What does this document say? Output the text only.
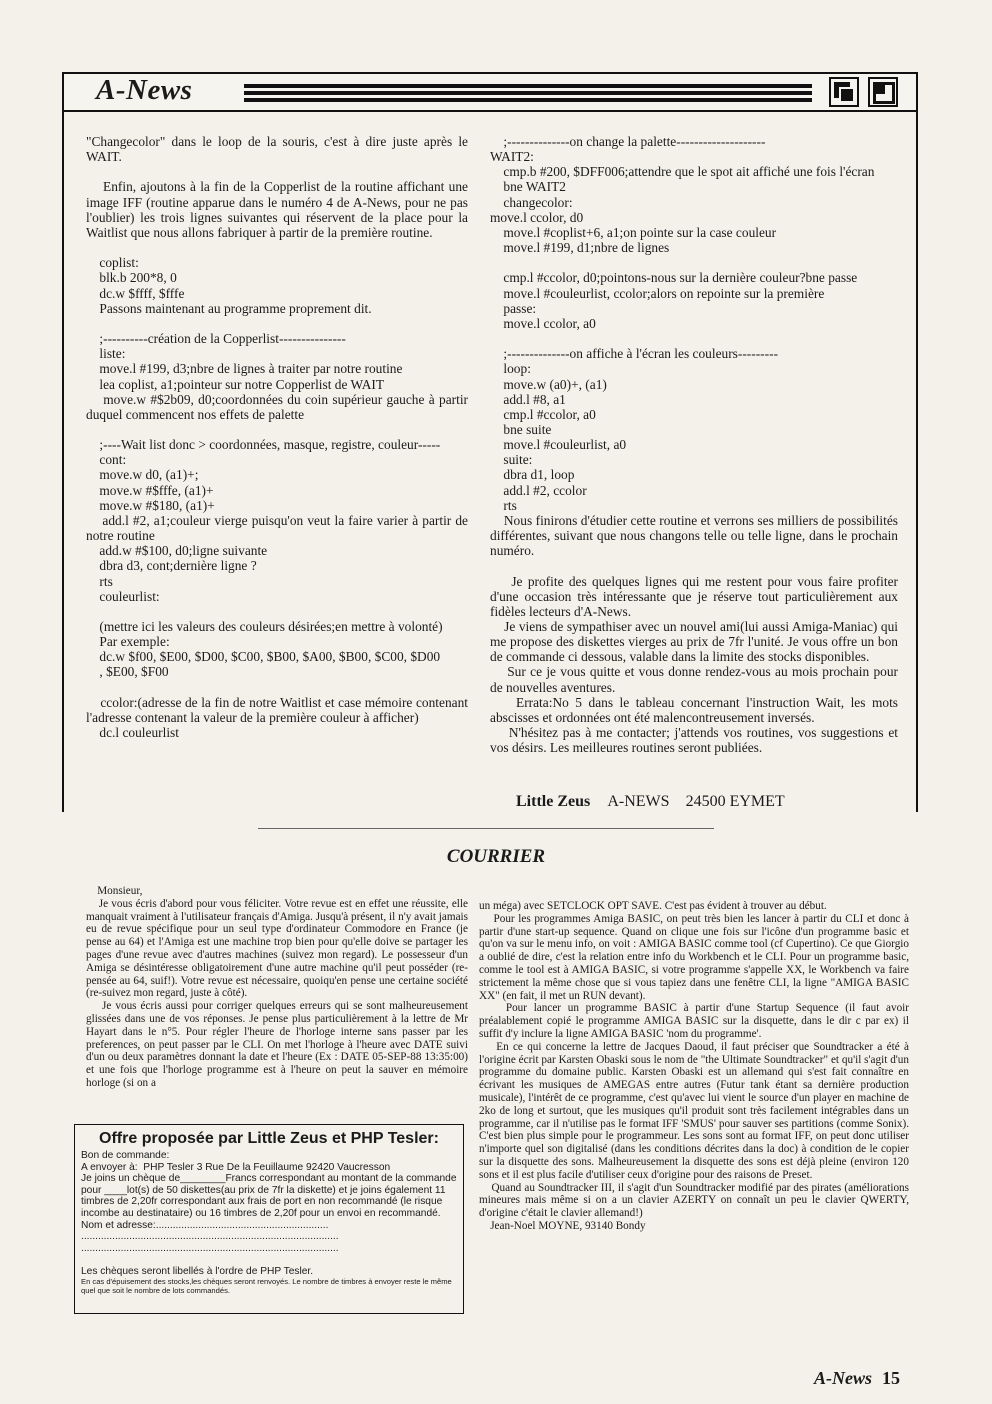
A-News

"Changecolor" dans le loop de la souris, c'est à dire juste après le WAIT.

Enfin, ajoutons à la fin de la Copperlist de la routine affichant une image IFF (routine apparue dans le numéro 4 de A-News, pour ne pas l'oublier) les trois lignes suivantes qui réservent de la place pour la Waitlist que nous allons fabriquer à partir de la première routine.

coplist:

blk.b 200*8, 0

dc.w $ffff, $fffe

Passons maintenant au programme proprement dit.

;----------création de la Copperlist---------------

liste:

move.l #199, d3;nbre de lignes à traiter par notre routine

lea coplist, a1;pointeur sur notre Copperlist de WAIT

move.w #$2b09, d0;coordonnées du coin supérieur gauche à partir duquel commencent nos effets de palette

;----Wait list donc > coordonnées, masque, registre, couleur-----

cont:

move.w d0, (a1)+;

move.w #$fffe, (a1)+

move.w #$180, (a1)+

add.l #2, a1;couleur vierge puisqu'on veut la faire varier à partir de notre routine

add.w #$100, d0;ligne suivante

dbra d3, cont;dernière ligne ?

rts

couleurlist:

(mettre ici les valeurs des couleurs désirées;en mettre à volonté)

Par exemple:

dc.w $f00, $E00, $D00, $C00, $B00, $A00, $B00, $C00, $D00

, $E00, $F00

ccolor:(adresse de la fin de notre Waitlist et case mémoire contenant l'adresse contenant la valeur de la première couleur à afficher)

dc.l couleurlist

;--------------on change la palette--------------------

WAIT2:

cmp.b #200, $DFF006;attendre que le spot ait affiché une fois l'écran

bne WAIT2

changecolor:

move.l ccolor, d0

move.l #coplist+6, a1;on pointe sur la case couleur

move.l #199, d1;nbre de lignes

cmp.l #ccolor, d0;pointons-nous sur la dernière couleur?bne passe

move.l #couleurlist, ccolor;alors on repointe sur la première

passe:

move.l ccolor, a0

;--------------on affiche à l'écran les couleurs---------

loop:

move.w (a0)+, (a1)

add.l #8, a1

cmp.l #ccolor, a0

bne suite

move.l #couleurlist, a0

suite:

dbra d1, loop

add.l #2, ccolor

rts

Nous finirons d'étudier cette routine et verrons ses milliers de possibilités différentes, suivant que nous changons telle ou telle ligne, dans le prochain numéro.

Je profite des quelques lignes qui me restent pour vous faire profiter d'une occasion très intéressante que je réserve tout particulièrement aux fidèles lecteurs d'A-News.

Je viens de sympathiser avec un nouvel ami(lui aussi Amiga-Maniac) qui me propose des diskettes vierges au prix de 7fr l'unité. Je vous offre un bon de commande ci dessous, valable dans la limite des stocks disponibles.

Sur ce je vous quitte et vous donne rendez-vous au mois prochain pour de nouvelles aventures.

Errata:No 5 dans le tableau concernant l'instruction Wait, les mots abscisses et ordonnées ont été malencontreusement inversés.

N'hésitez pas à me contacter; j'attends vos routines, vos suggestions et vos désirs. Les meilleures routines seront publiées.

Little Zeus A-NEWS 24500 EYMET
COURRIER

Monsieur,

Je vous écris d'abord pour vous féliciter. Votre revue est en effet une réussite, elle manquait vraiment à l'utilisateur français d'Amiga. Jusqu'à présent, il n'y avait jamais eu de revue spécifique pour un seul type d'ordinateur Commodore en France (je pense au 64) et l'Amiga est une machine trop bien pour qu'elle doive se partager les pages d'une revue avec d'autres machines (suivez mon regard). Le possesseur d'un Amiga se désintéresse obligatoirement d'une autre machine qu'il peut posséder (re-pensée au 64, suif!). Votre revue est nécessaire, quoiqu'en pense une certaine société (re-suivez mon regard, juste à côté).

Je vous écris aussi pour corriger quelques erreurs qui se sont malheureusement glissées dans une de vos réponses. Je pense plus particulièrement à la lettre de Mr Hayart dans le n°5. Pour régler l'heure de l'horloge interne sans passer par les preferences, on peut passer par le CLI. On met l'horloge à l'heure avec DATE suivi d'un ou deux paramètres donnant la date et l'heure (Ex : DATE 05-SEP-88 13:35:00) et une fois que l'horloge programme est à l'heure on peut la sauver en mémoire horloge (si on a

un méga) avec SETCLOCK OPT SAVE. C'est pas évident à trouver au début.

Pour les programmes Amiga BASIC, on peut très bien les lancer à partir du CLI et donc à partir d'une start-up sequence. Quand on clique une fois sur l'icône d'un programme basic et qu'on va sur le menu info, on voit : AMIGA BASIC comme tool (cf Cupertino). Ce que Giorgio a oublié de dire, c'est la relation entre info du Workbench et le CLI. Pour un programme basic, comme le tool est à AMIGA BASIC, si votre programme s'appelle XX, le Workbench va faire strictement la même chose que si vous tapiez dans une fenêtre CLI, la ligne "AMIGA BASIC XX" (en fait, il met un RUN devant).

Pour lancer un programme BASIC à partir d'une Startup Sequence (il faut avoir préalablement copié le programme AMIGA BASIC sur la disquette, dans le dir c par ex) il suffit d'y inclure la ligne AMIGA BASIC 'nom du programme'.

En ce qui concerne la lettre de Jacques Daoud, il faut préciser que Soundtracker a été à l'origine écrit par Karsten Obaski sous le nom de "the Ultimate Soundtracker" et qu'il s'agit d'un programme du domaine public. Karsten Obaski est un allemand qui s'est fait connaître en écrivant les musiques de AMEGAS entre autres (Futur tank étant sa dernière production musicale), l'intérêt de ce programme, c'est qu'avec lui vient le source d'un player en machine de 2ko de long et surtout, que les musiques qu'il produit sont très facilement intégrables dans un programme, car il n'utilise pas le format IFF 'SMUS' pour sauver ses partitions (comme Sonix). C'est bien plus simple pour le programmeur. Les sons sont au format IFF, on peut donc utiliser n'importe quel son digitalisé (dans les conditions décrites dans la doc) à condition de le copier sur la disquette des sons. Malheureusement la disquette des sons est déjà pleine (environ 120 sons et il est plus facile d'utiliser ceux d'origine pour des raisons de Preset.

Quand au Soundtracker III, il s'agit d'un Soundtracker modifié par des pirates (améliorations mineures mais même si on a un clavier AZERTY on connaît un peu le clavier QWERTY, d'origine c'était le clavier allemand!)

Jean-Noel MOYNE, 93140 Bondy

Offre proposée par Little Zeus et PHP Tesler:

Bon de commande:

A envoyer à:  PHP Tesler 3 Rue De la Feuillaume 92420 Vaucresson

Je joins un chèque de________Francs correspondant au montant de la commande pour ____lot(s) de 50 diskettes(au prix de 7fr la diskette) et je joins également 11 timbres de 2,20fr correspondant aux frais de port en non recommandé (le risque incombe au destinataire) ou 16 timbres de 2,20f pour un envoi en recommandé.

Nom et adresse:.............................................................

...........................................................................................

...........................................................................................

Les chèques seront libellés à l'ordre de PHP Tesler.

En cas d'épuisement des stocks,les chèques seront renvoyés. Le nombre de timbres à envoyer reste le même quel que soit le nombre de lots commandés.

A-News 15
